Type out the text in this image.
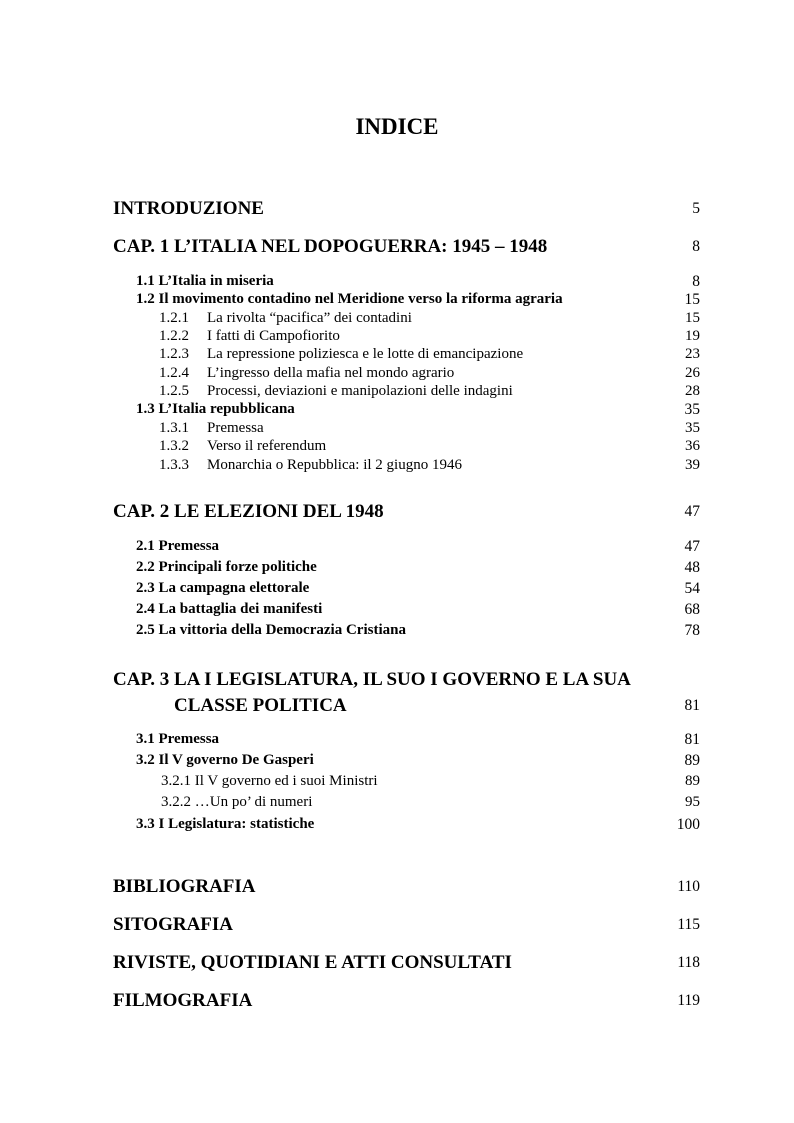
INDICE
INTRODUZIONE	5
CAP. 1 L’ITALIA NEL DOPOGUERRA: 1945 – 1948	8
1.1 L’Italia in miseria	8
1.2 Il movimento contadino nel Meridione verso la riforma agraria	15
1.2.1 La rivolta “pacifica” dei contadini	15
1.2.2 I fatti di Campofiorito	19
1.2.3 La repressione poliziesca e le lotte di emancipazione	23
1.2.4 L’ingresso della mafia nel mondo agrario	26
1.2.5 Processi, deviazioni e manipolazioni delle indagini	28
1.3 L’Italia repubblicana	35
1.3.1 Premessa	35
1.3.2 Verso il referendum	36
1.3.3 Monarchia o Repubblica: il 2 giugno 1946	39
CAP. 2 LE ELEZIONI DEL 1948	47
2.1 Premessa	47
2.2 Principali forze politiche	48
2.3 La campagna elettorale	54
2.4 La battaglia dei manifesti	68
2.5 La vittoria della Democrazia Cristiana	78
CAP. 3 LA I LEGISLATURA, IL SUO I GOVERNO E LA SUA
CLASSE POLITICA	81
3.1 Premessa	81
3.2 Il V governo De Gasperi	89
3.2.1 Il V governo ed i suoi Ministri	89
3.2.2 …Un po’ di numeri	95
3.3 I Legislatura: statistiche	100
BIBLIOGRAFIA	110
SITOGRAFIA	115
RIVISTE, QUOTIDIANI E ATTI CONSULTATI	118
FILMOGRAFIA	119
